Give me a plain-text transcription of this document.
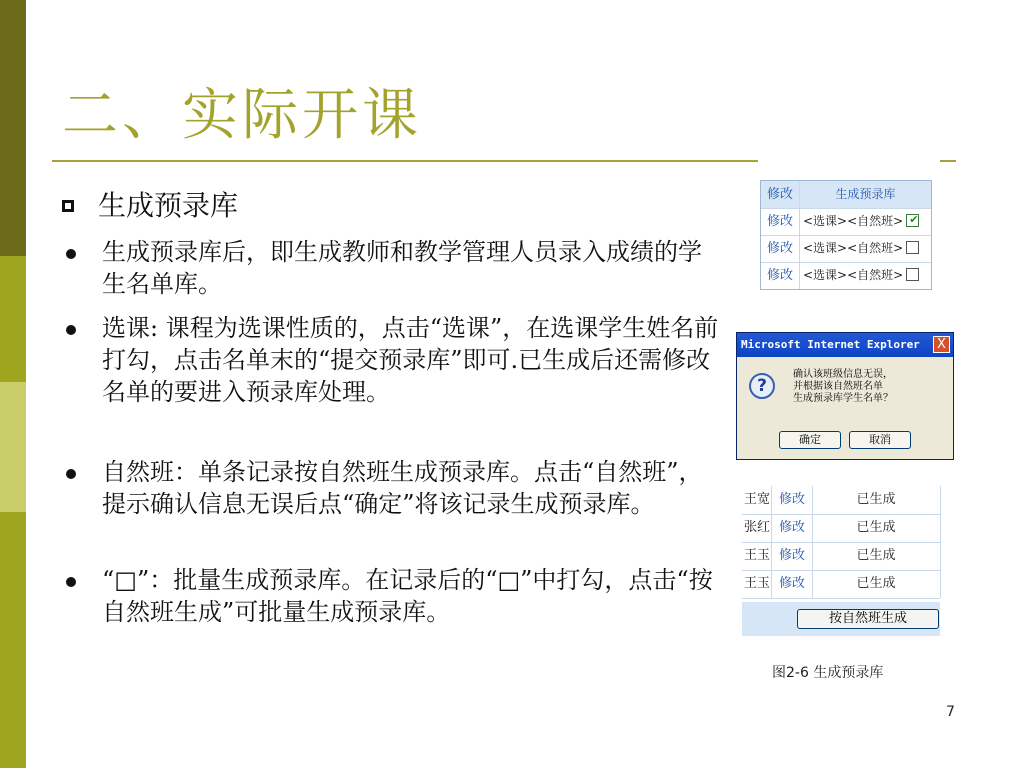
二、实际开课
生成预录库
生成预录库后，即生成教师和教学管理人员录入成绩的学生名单库。
选课: 课程为选课性质的，点击“选课”，在选课学生姓名前打勾，点击名单末的“提交预录库”即可.已生成后还需修改名单的要进入预录库处理。
自然班：单条记录按自然班生成预录库。点击“自然班”，提示确认信息无误后点“确定”将该记录生成预录库。
“□”：批量生成预录库。在记录后的“□”中打勾，点击“按自然班生成”可批量生成预录库。
修改	生成预录库
修改 <选课><自然班> ✔
修改 <选课><自然班>
修改 <选课><自然班>
Microsoft Internet Explorer	X
?
确认该班级信息无误，
并根据该自然班名单
生成预录库学生名单？
确定	取消
王宽 修改	已生成
张红 修改	已生成
王玉 修改	已生成
王玉 修改	已生成
按自然班生成
图2-6 生成预录库
7
